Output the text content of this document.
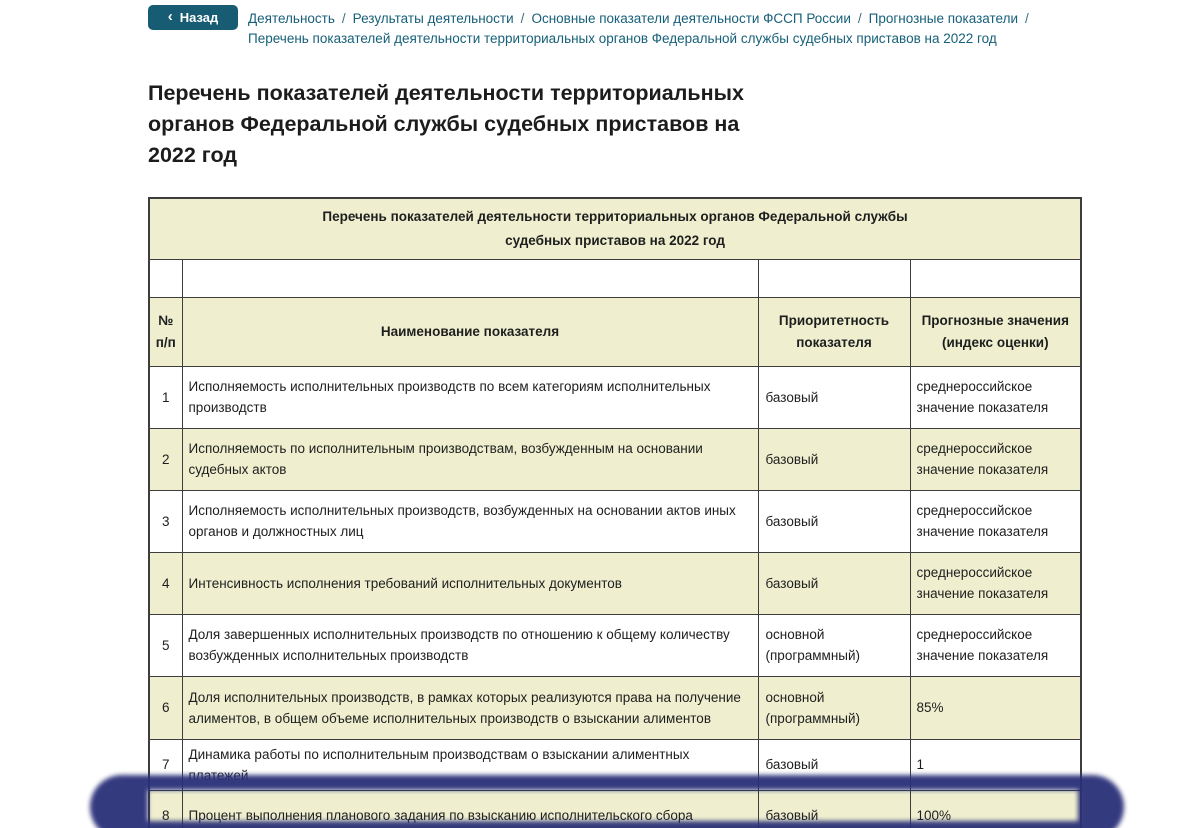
‹ Назад Деятельность / Результаты деятельности / Основные показатели деятельности ФССП России / Прогнозные показатели /Перечень показателей деятельности территориальных органов Федеральной службы судебных приставов на 2022 год
Перечень показателей деятельности территориальных органов Федеральной службы судебных приставов на 2022 год
Перечень показателей деятельности территориальных органов Федеральной службы
судебных приставов на 2022 год			

№ п/п	Наименование показателя	Приоритетность показателя	Прогнозные значения (индекс оценки)
1	Исполняемость исполнительных производств по всем категориям исполнительных производств	базовый	среднероссийское значение показателя
2	Исполняемость по исполнительным производствам, возбужденным на основании судебных актов	базовый	среднероссийское значение показателя
3	Исполняемость исполнительных производств, возбужденных на основании актов иных органов и должностных лиц	базовый	среднероссийское значение показателя
4	Интенсивность исполнения требований исполнительных документов	базовый	среднероссийское значение показателя
5	Доля завершенных исполнительных производств по отношению к общему количеству возбужденных исполнительных производств	основной (программный)	среднероссийское значение показателя
6	Доля исполнительных производств, в рамках которых реализуются права на получение алиментов, в общем объеме исполнительных производств о взыскании алиментов	основной (программный)	85%
7	Динамика работы по исполнительным производствам о взыскании алиментных платежей	базовый	1
8	Процент выполнения планового задания по взысканию исполнительского сбора	базовый	100%
